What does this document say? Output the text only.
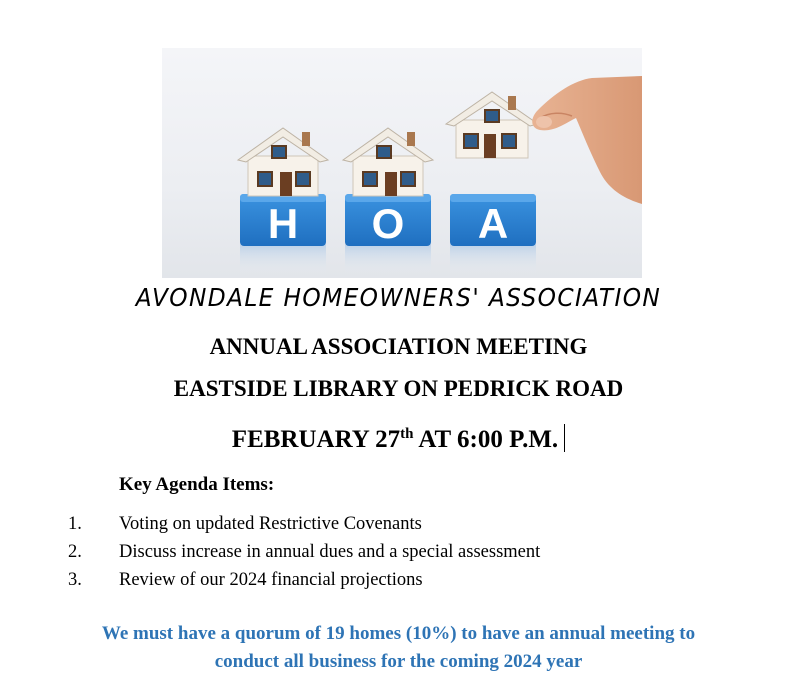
H O A
AVONDALE HOMEOWNERS' ASSOCIATION
ANNUAL ASSOCIATION MEETING
EASTSIDE LIBRARY ON PEDRICK ROAD
FEBRUARY 27th AT 6:00 P.M.
Key Agenda Items:
1. Voting on updated Restrictive Covenants
2. Discuss increase in annual dues and a special assessment
3. Review of our 2024 financial projections
We must have a quorum of 19 homes (10%) to have an annual meeting to
conduct all business for the coming 2024 year
